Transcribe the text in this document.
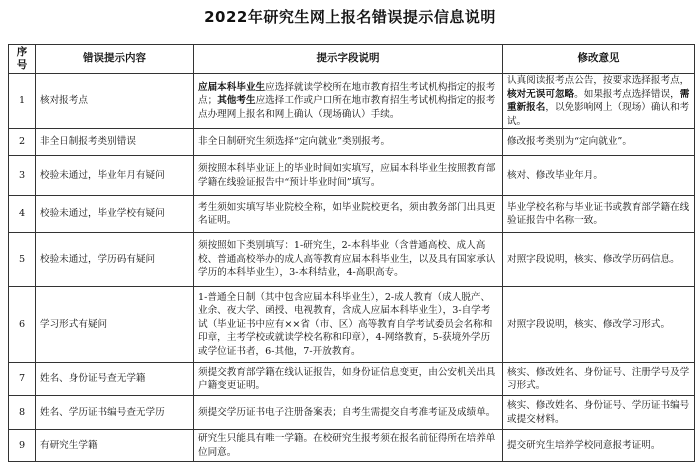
2022年研究生网上报名错误提示信息说明
序号	错误提示内容	提示字段说明	修改意见
1	核对报考点	应届本科毕业生应选择就读学校所在地市教育招生考试机构指定的报考点；其他考生应选择工作或户口所在地市教育招生考试机构指定的报考点办理网上报名和网上确认（现场确认）手续。	认真阅读报考点公告，按要求选择报考点，核对无误可忽略。如果报考点选择错误，需重新报名，以免影响网上（现场）确认和考试。
2	非全日制报考类别错误	非全日制研究生须选择“定向就业”类别报考。	修改报考类别为“定向就业”。
3	校验未通过，毕业年月有疑问	须按照本科毕业证上的毕业时间如实填写，应届本科毕业生按照教育部学籍在线验证报告中“预计毕业时间”填写。	核对、修改毕业年月。
4	校验未通过，毕业学校有疑问	考生须如实填写毕业院校全称，如毕业院校更名，须由教务部门出具更名证明。	毕业学校名称与毕业证书或教育部学籍在线验证报告中名称一致。
5	校验未通过，学历码有疑问	须按照如下类别填写：1-研究生，2-本科毕业（含普通高校、成人高校、普通高校举办的成人高等教育应届本科毕业生，以及具有国家承认学历的本科毕业生），3-本科结业，4-高职高专。	对照字段说明，核实、修改学历码信息。
6	学习形式有疑问	1-普通全日制（其中包含应届本科毕业生），2-成人教育（成人脱产、业余、夜大学、函授、电视教育，含成人应届本科毕业生），3-自学考试（毕业证书中应有××省（市、区）高等教育自学考试委员会名称和印章，主考学校或就读学校名称和印章），4-网络教育，5-获境外学历或学位证书者，6-其他，7-开放教育。	对照字段说明，核实、修改学习形式。
7	姓名、身份证号查无学籍	须提交教育部学籍在线认证报告，如身份证信息变更，由公安机关出具户籍变更证明。	核实、修改姓名、身份证号、注册学号及学习形式。
8	姓名、学历证书编号查无学历	须提交学历证书电子注册备案表；自考生需提交自考准考证及成绩单。	核实、修改姓名、身份证号、学历证书编号或提交材料。
9	有研究生学籍	研究生只能具有唯一学籍。在校研究生报考须在报名前征得所在培养单位同意。	提交研究生培养学校同意报考证明。
